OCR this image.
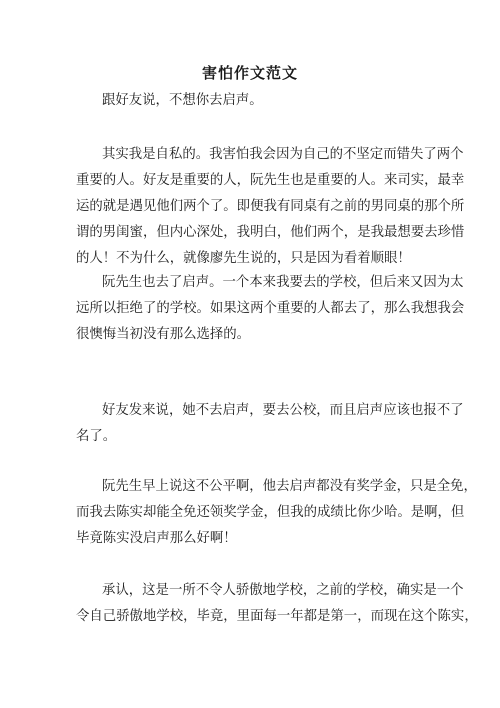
害怕作文范文

跟好友说，不想你去启声。

其实我是自私的。我害怕我会因为自己的不坚定而错失了两个
重要的人。好友是重要的人，阮先生也是重要的人。来司实，最幸
运的就是遇见他们两个了。即便我有同桌有之前的男同桌的那个所
谓的男闺蜜，但内心深处，我明白，他们两个，是我最想要去珍惜
的人！不为什么，就像廖先生说的，只是因为看着顺眼！

阮先生也去了启声。一个本来我要去的学校，但后来又因为太
远所以拒绝了的学校。如果这两个重要的人都去了，那么我想我会
很懊悔当初没有那么选择的。

好友发来说，她不去启声，要去公校，而且启声应该也报不了
名了。

阮先生早上说这不公平啊，他去启声都没有奖学金，只是全免，
而我去陈实却能全免还领奖学金，但我的成绩比你少哈。是啊，但
毕竟陈实没启声那么好啊！

承认，这是一所不令人骄傲地学校，之前的学校，确实是一个
令自己骄傲地学校，毕竟，里面每一年都是第一，而现在这个陈实，
